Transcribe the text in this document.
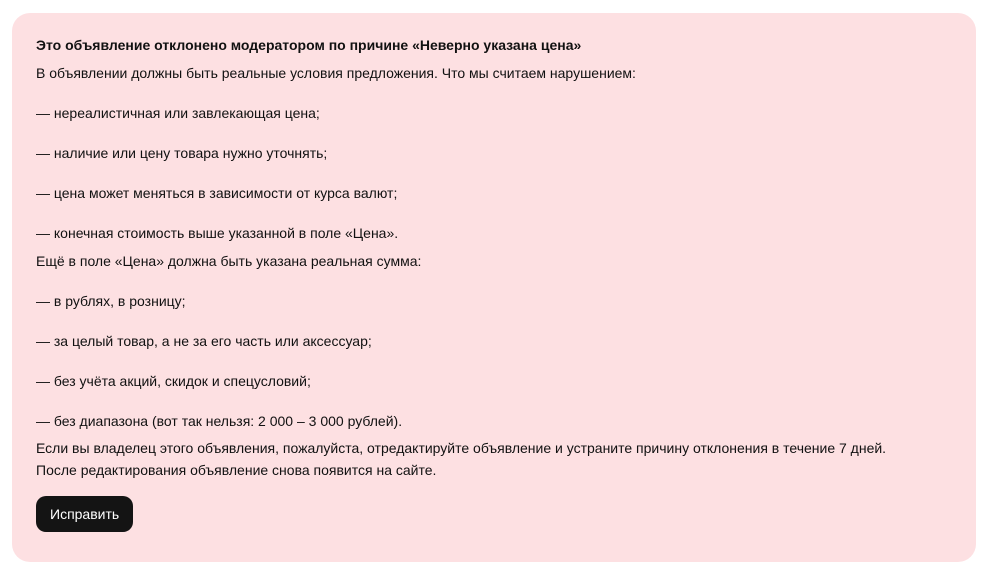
Это объявление отклонено модератором по причине «Неверно указана цена»

В объявлении должны быть реальные условия предложения. Что мы считаем нарушением:

— нереалистичная или завлекающая цена;
— наличие или цену товара нужно уточнять;
— цена может меняться в зависимости от курса валют;
— конечная стоимость выше указанной в поле «Цена».

Ещё в поле «Цена» должна быть указана реальная сумма:

— в рублях, в розницу;
— за целый товар, а не за его часть или аксессуар;
— без учёта акций, скидок и спецусловий;
— без диапазона (вот так нельзя: 2 000 – 3 000 рублей).

Если вы владелец этого объявления, пожалуйста, отредактируйте объявление и устраните причину отклонения в течение 7 дней.

После редактирования объявление снова появится на сайте.

Исправить
